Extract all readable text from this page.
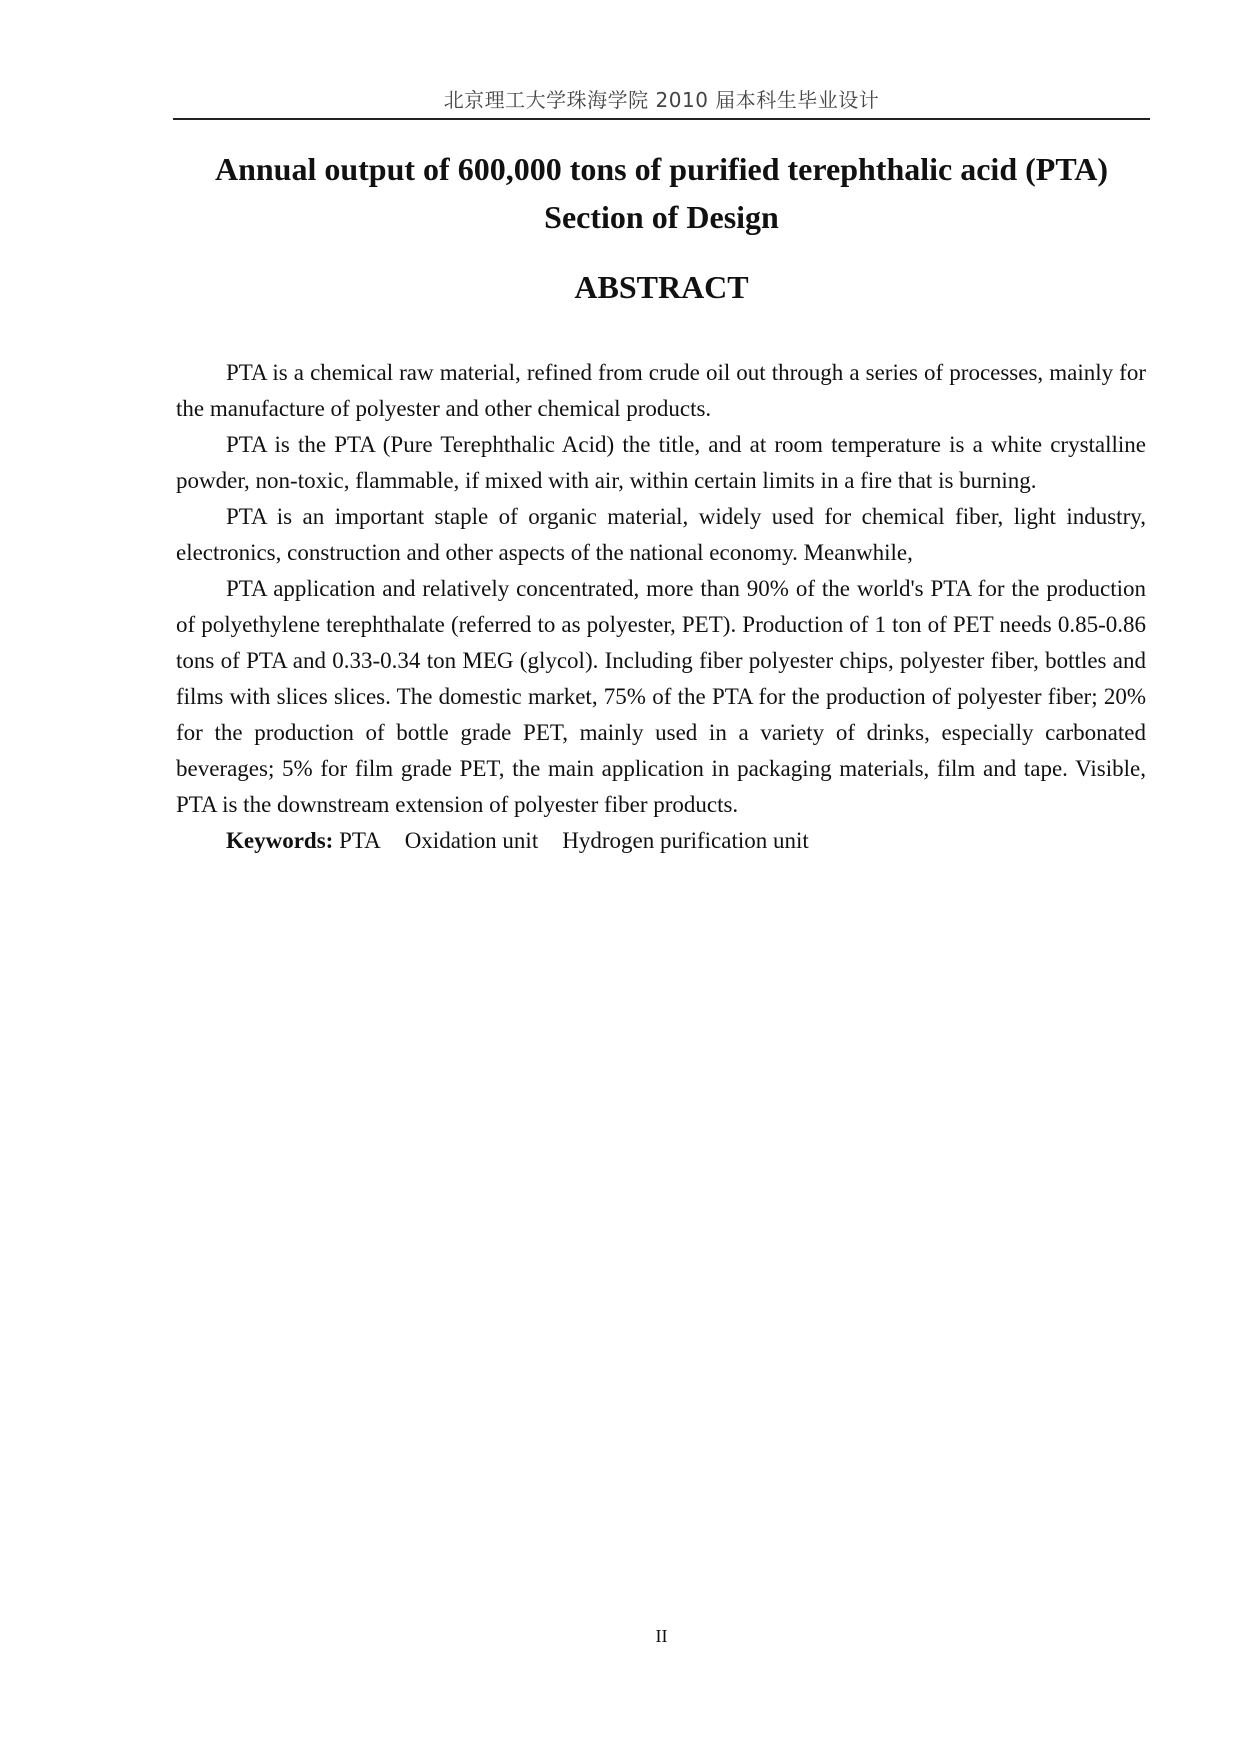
北京理工大学珠海学院 2010 届本科生毕业设计
Annual output of 600,000 tons of purified terephthalic acid (PTA)
Section of Design
ABSTRACT

PTA is a chemical raw material, refined from crude oil out through a series of processes, mainly for the manufacture of polyester and other chemical products.

PTA is the PTA (Pure Terephthalic Acid) the title, and at room temperature is a white crystalline powder, non-toxic, flammable, if mixed with air, within certain limits in a fire that is burning.

PTA is an important staple of organic material, widely used for chemical fiber, light industry, electronics, construction and other aspects of the national economy. Meanwhile,

PTA application and relatively concentrated, more than 90% of the world's PTA for the production of polyethylene terephthalate (referred to as polyester, PET). Production of 1 ton of PET needs 0.85-0.86 tons of PTA and 0.33-0.34 ton MEG (glycol). Including fiber polyester chips, polyester fiber, bottles and films with slices slices. The domestic market, 75% of the PTA for the production of polyester fiber; 20% for the production of bottle grade PET, mainly used in a variety of drinks, especially carbonated beverages; 5% for film grade PET, the main application in packaging materials, film and tape. Visible, PTA is the downstream extension of polyester fiber products.

Keywords: PTA Oxidation unit Hydrogen purification unit

II
